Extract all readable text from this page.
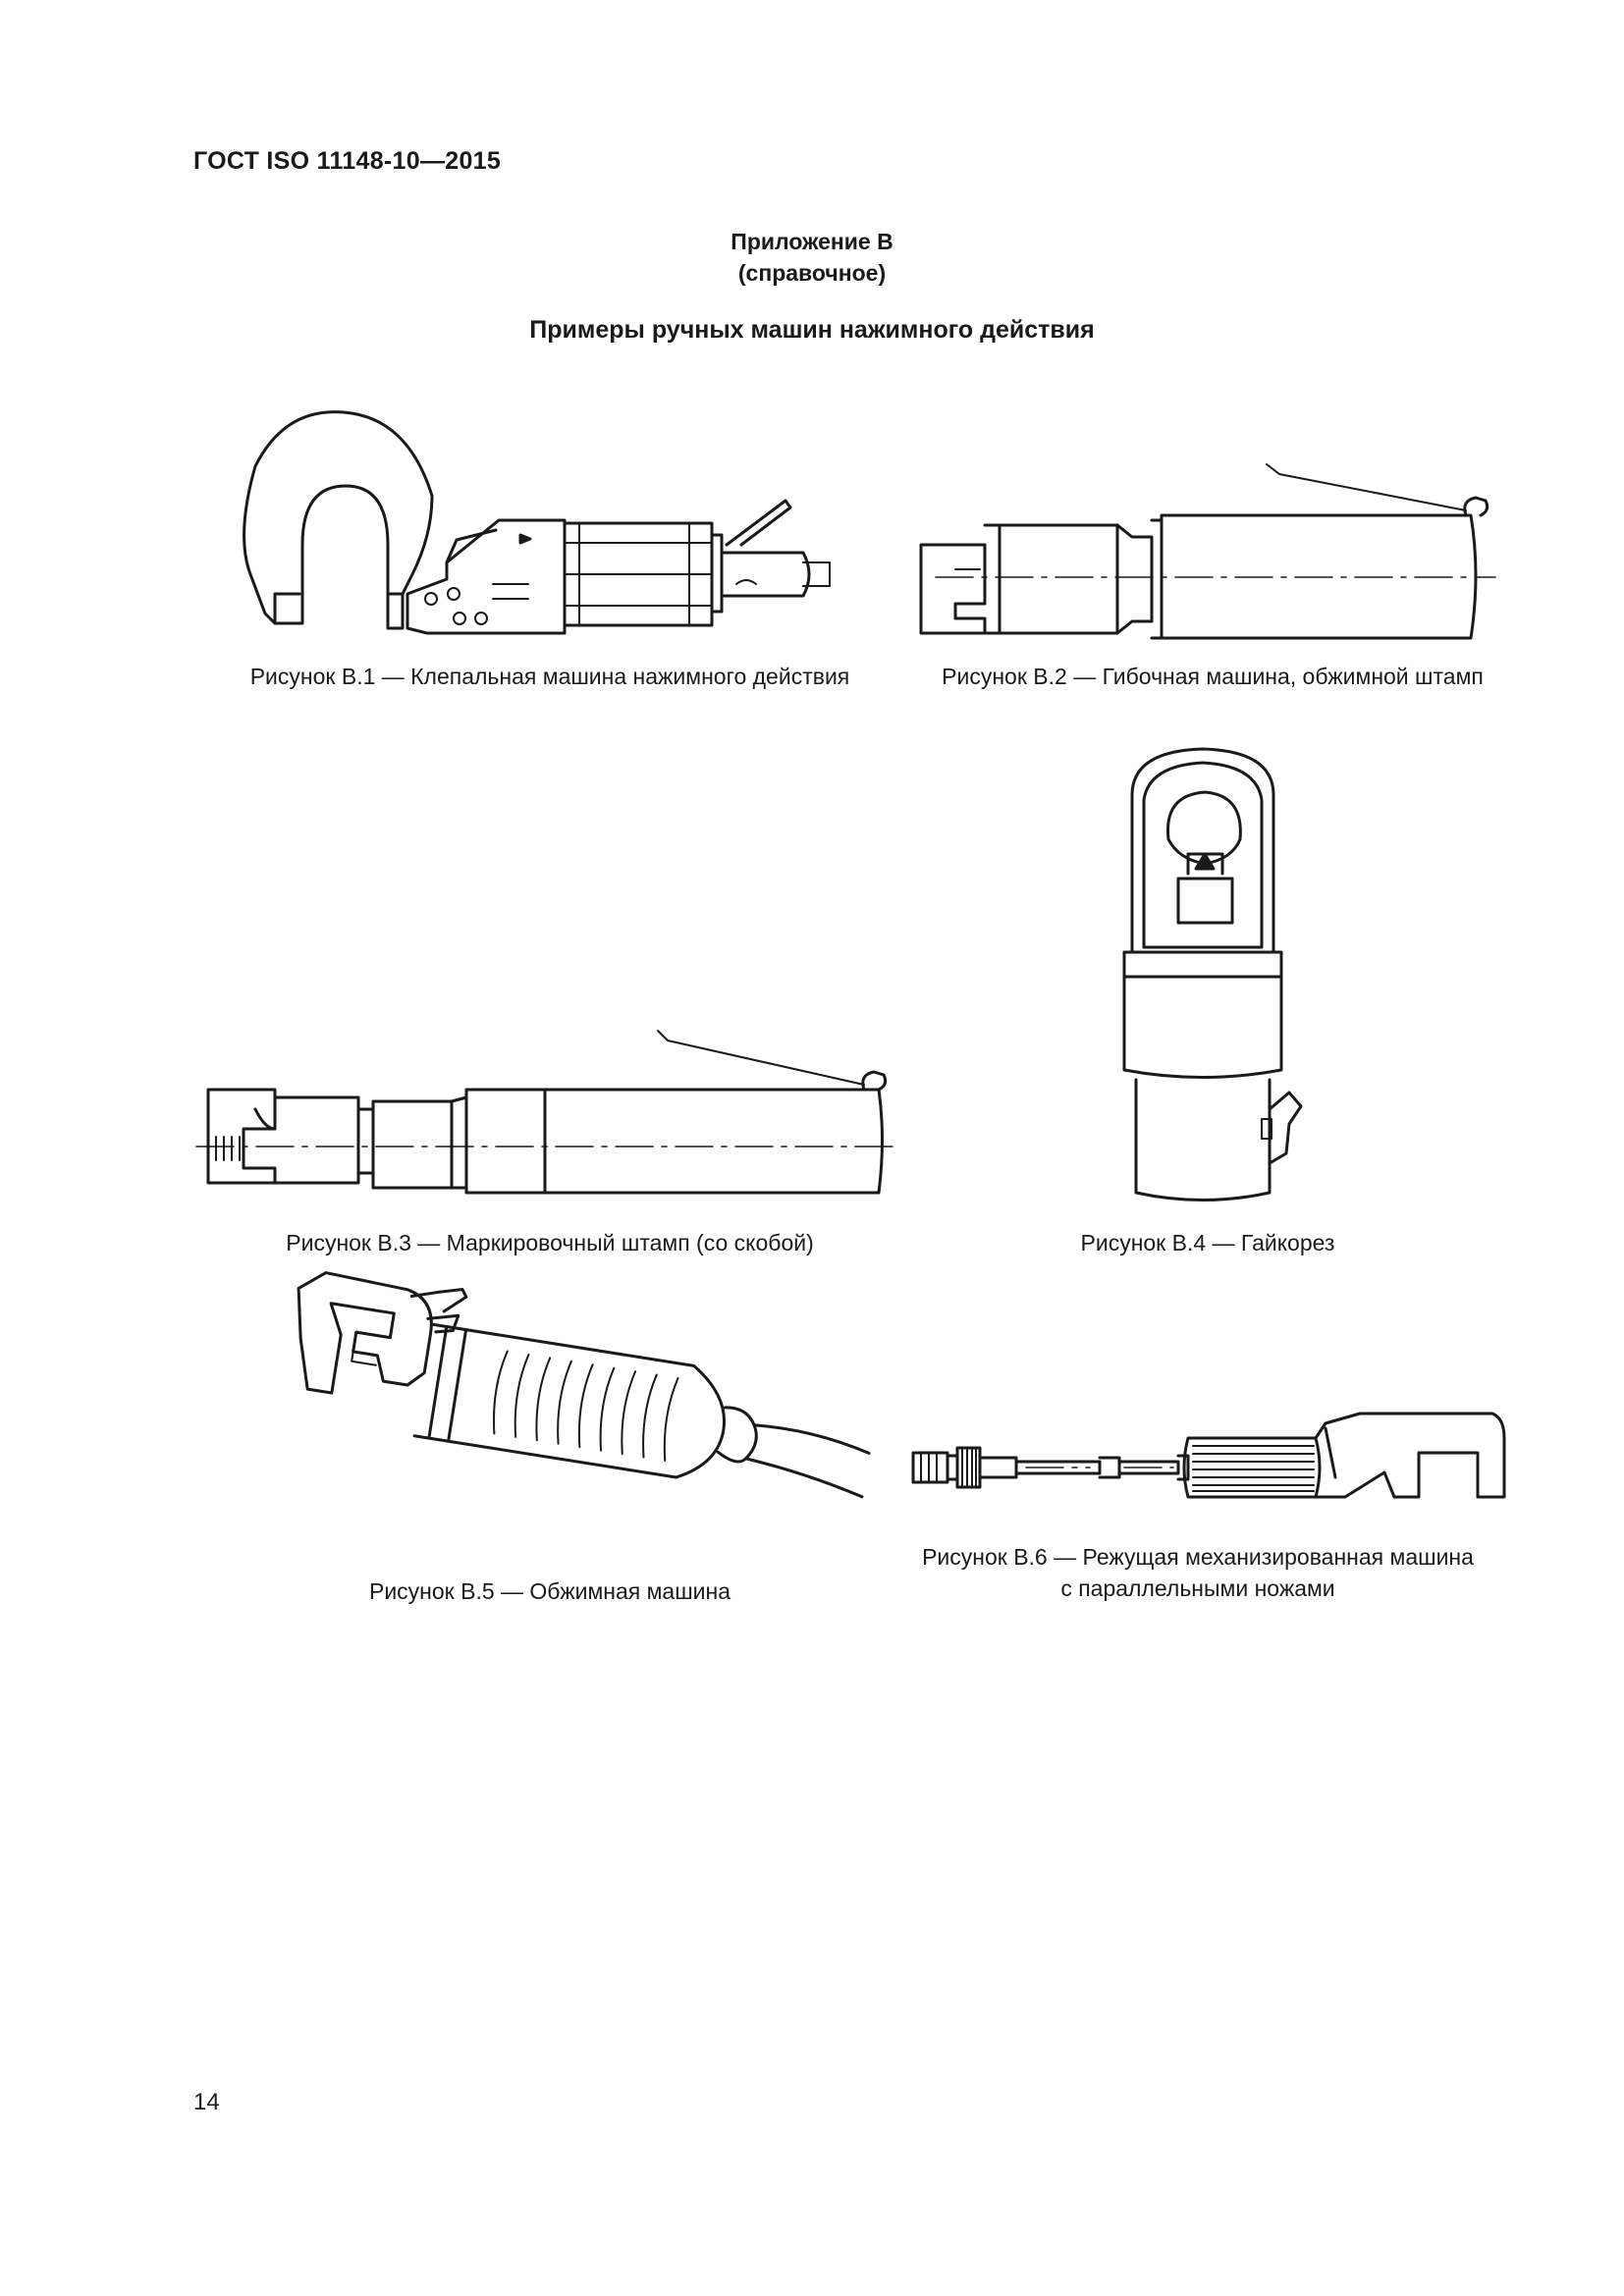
ГОСТ ISO 11148-10—2015
Приложение В
(справочное)
Примеры ручных машин нажимного действия
Рисунок В.1 — Клепальная машина нажимного действия	Рисунок В.2 — Гибочная машина, обжимной штамп
Рисунок В.3 — Маркировочный штамп (со скобой)	Рисунок В.4 — Гайкорез
Рисунок В.5 — Обжимная машина
Рисунок В.6 — Режущая механизированная машина
с параллельными ножами
14
